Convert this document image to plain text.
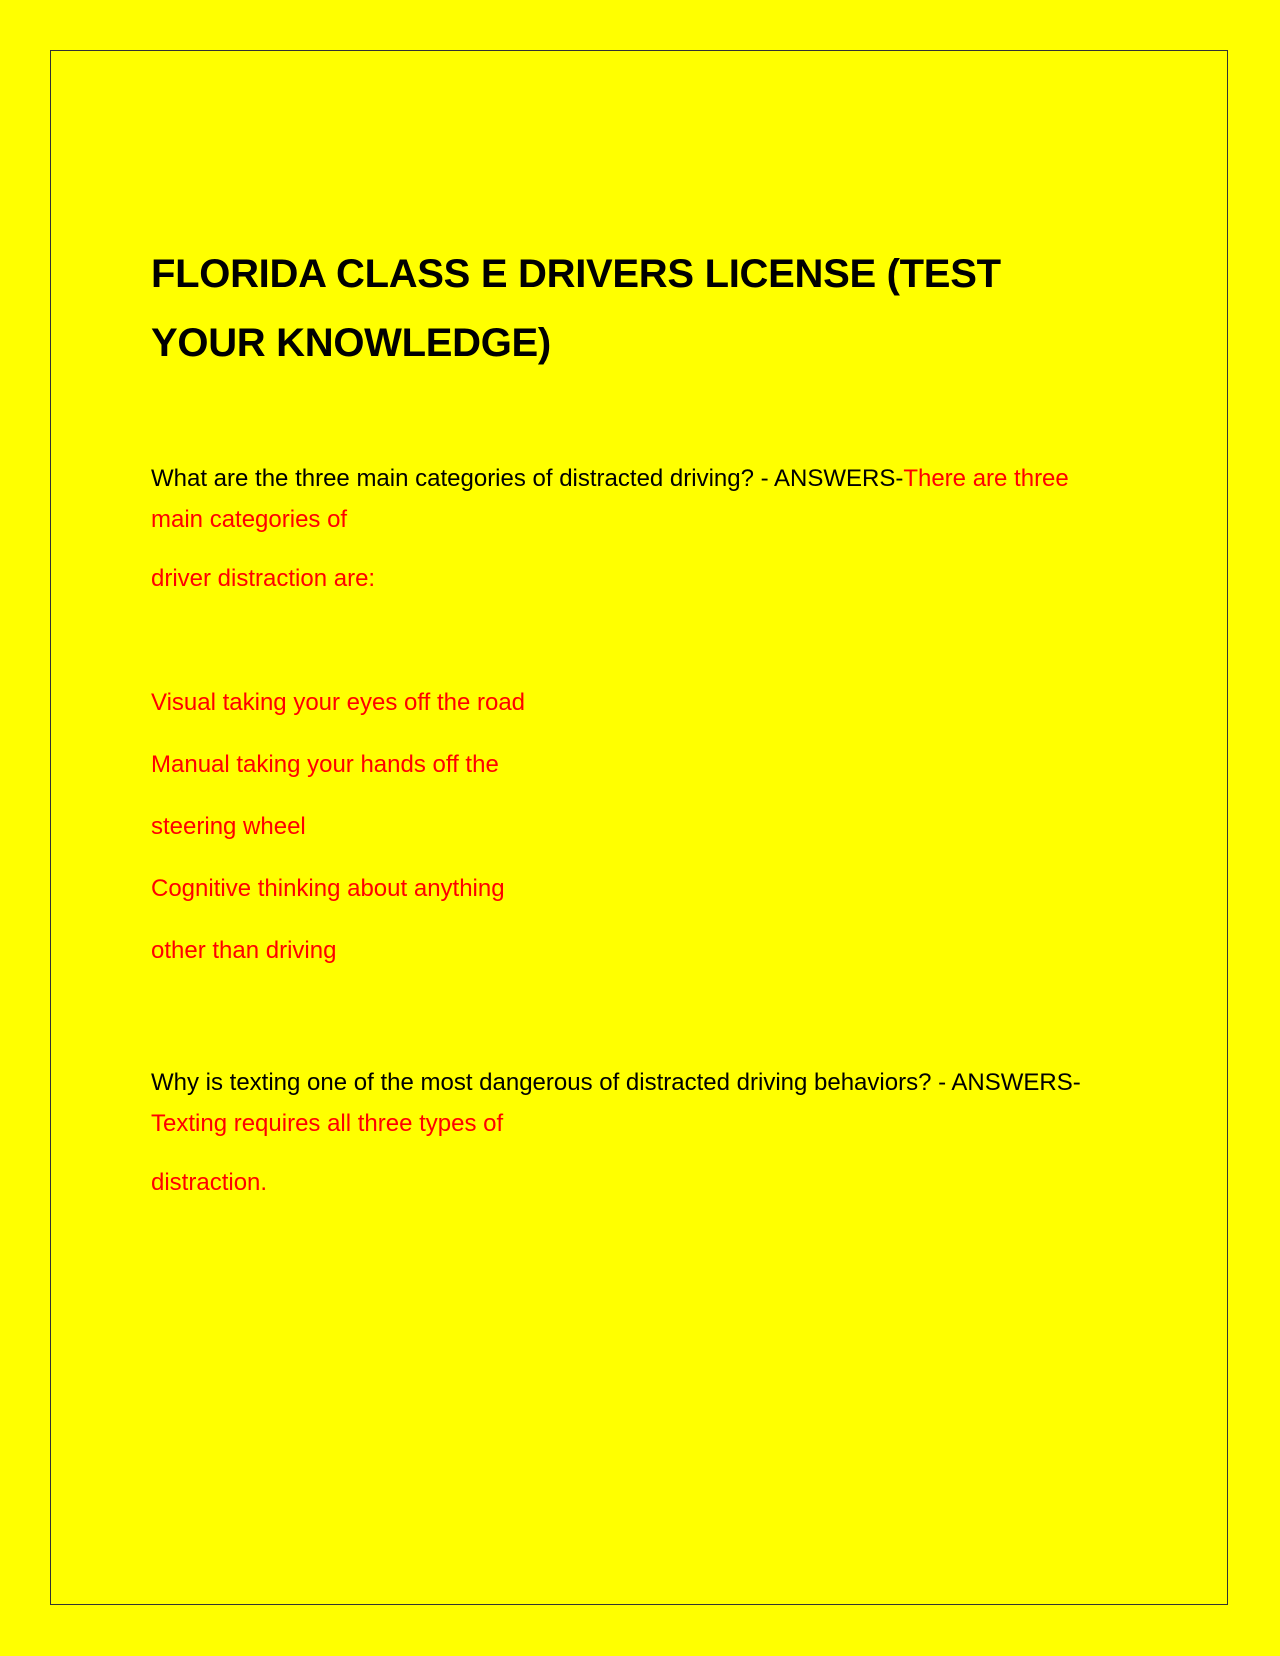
FLORIDA CLASS E DRIVERS LICENSE (TEST
YOUR KNOWLEDGE)

What are the three main categories of distracted driving? - ANSWERS-There are three main categories of

driver distraction are:

Visual taking your eyes off the road

Manual taking your hands off the

steering wheel

Cognitive thinking about anything

other than driving

Why is texting one of the most dangerous of distracted driving behaviors? - ANSWERS-Texting requires all three types of

distraction.
